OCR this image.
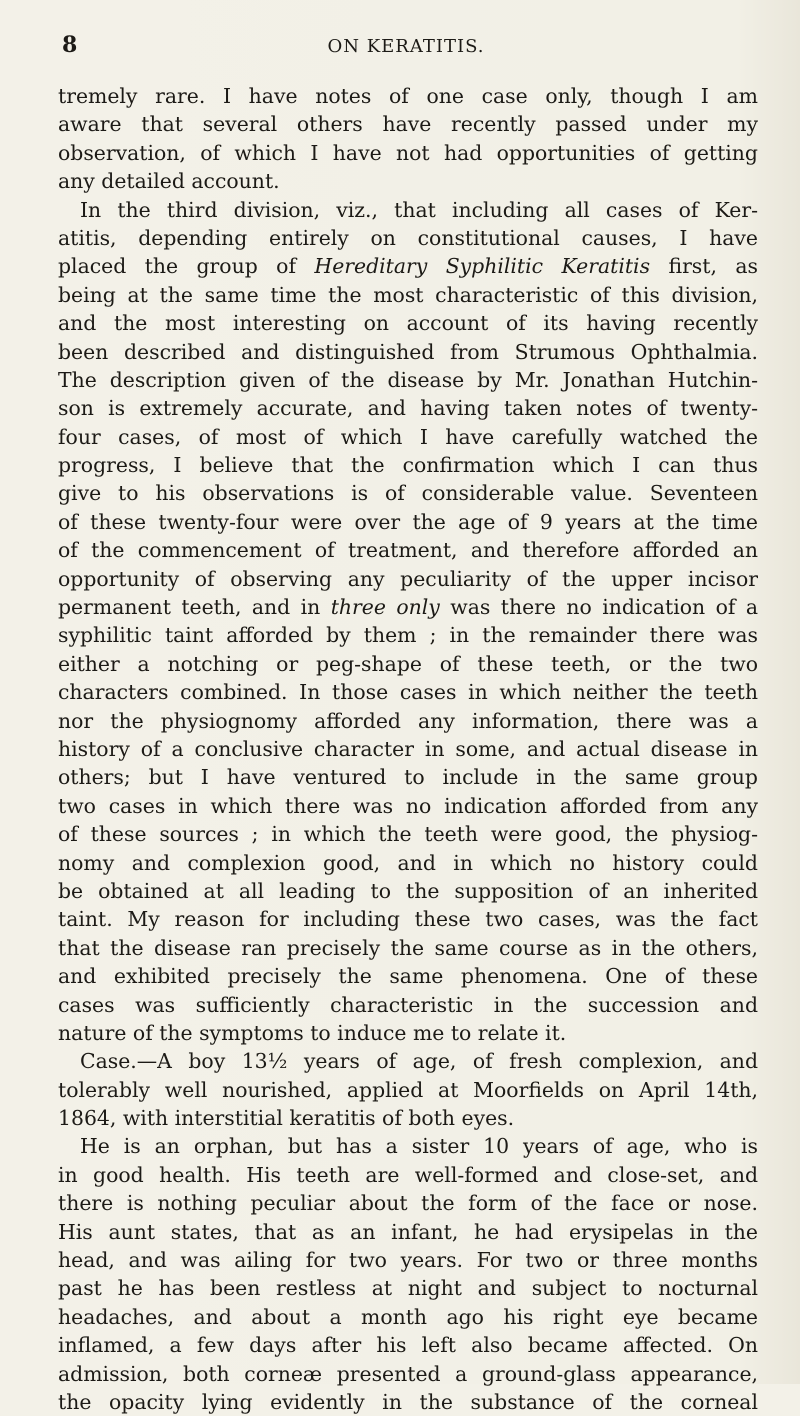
8	ON KERATITIS.
tremely rare. I have notes of one case only, though I am
aware that several others have recently passed under my
observation, of which I have not had opportunities of getting
any detailed account.
In the third division, viz., that including all cases of Ker-
atitis, depending entirely on constitutional causes, I have
placed the group of Hereditary Syphilitic Keratitis first, as
being at the same time the most characteristic of this division,
and the most interesting on account of its having recently
been described and distinguished from Strumous Ophthalmia.
The description given of the disease by Mr. Jonathan Hutchin-
son is extremely accurate, and having taken notes of twenty-
four cases, of most of which I have carefully watched the
progress, I believe that the confirmation which I can thus
give to his observations is of considerable value. Seventeen
of these twenty-four were over the age of 9 years at the time
of the commencement of treatment, and therefore afforded an
opportunity of observing any peculiarity of the upper incisor
permanent teeth, and in three only was there no indication of a
syphilitic taint afforded by them ; in the remainder there was
either a notching or peg-shape of these teeth, or the two
characters combined. In those cases in which neither the teeth
nor the physiognomy afforded any information, there was a
history of a conclusive character in some, and actual disease in
others; but I have ventured to include in the same group
two cases in which there was no indication afforded from any
of these sources ; in which the teeth were good, the physiog-
nomy and complexion good, and in which no history could
be obtained at all leading to the supposition of an inherited
taint. My reason for including these two cases, was the fact
that the disease ran precisely the same course as in the others,
and exhibited precisely the same phenomena. One of these
cases was sufficiently characteristic in the succession and
nature of the symptoms to induce me to relate it.
Case.—A boy 13½ years of age, of fresh complexion, and
tolerably well nourished, applied at Moorfields on April 14th,
1864, with interstitial keratitis of both eyes.
He is an orphan, but has a sister 10 years of age, who is
in good health. His teeth are well-formed and close-set, and
there is nothing peculiar about the form of the face or nose.
His aunt states, that as an infant, he had erysipelas in the
head, and was ailing for two years. For two or three months
past he has been restless at night and subject to nocturnal
headaches, and about a month ago his right eye became
inflamed, a few days after his left also became affected. On
admission, both corneæ presented a ground-glass appearance,
the opacity lying evidently in the substance of the corneal
